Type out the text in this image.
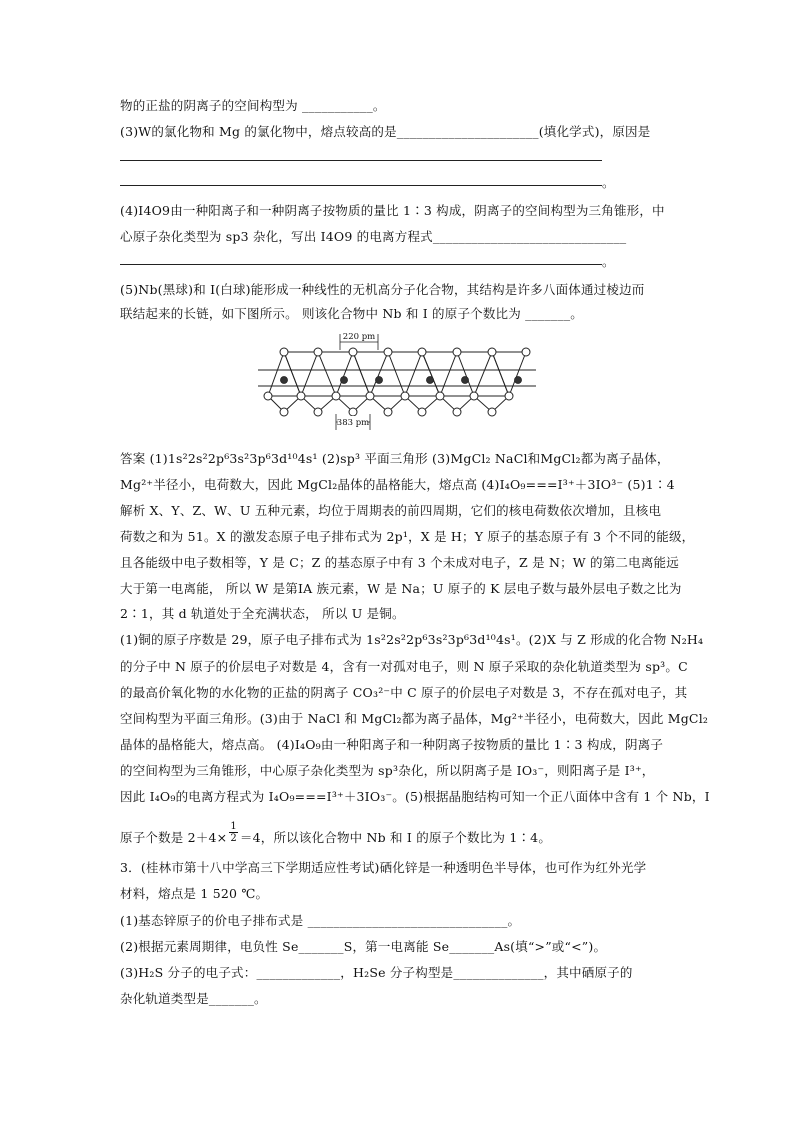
物的正盐的阴离子的空间构型为 ___________。
(3)W的氯化物和 Mg 的氯化物中，熔点较高的是______________________(填化学式)，原因是
。
(4)I4O9由一种阳离子和一种阴离子按物质的量比 1∶3 构成，阴离子的空间构型为三角锥形，中
心原子杂化类型为 sp3 杂化，写出 I4O9 的电离方程式______________________________
。
(5)Nb(黑球)和 I(白球)能形成一种线性的无机高分子化合物，其结构是许多八面体通过棱边而
联结起来的长链，如下图所示。 则该化合物中 Nb 和 I 的原子个数比为 _______。
220 pm
383 pm
答案 (1)1s²2s²2p⁶3s²3p⁶3d¹⁰4s¹ (2)sp³ 平面三角形 (3)MgCl₂ NaCl和MgCl₂都为离子晶体，
Mg²⁺半径小，电荷数大，因此 MgCl₂晶体的晶格能大，熔点高 (4)I₄O₉===I³⁺＋3IO³⁻ (5)1∶4
解析 X、Y、Z、W、U 五种元素，均位于周期表的前四周期，它们的核电荷数依次增加，且核电
荷数之和为 51。X 的激发态原子电子排布式为 2p¹，X 是 H；Y 原子的基态原子有 3 个不同的能级，
且各能级中电子数相等，Y 是 C；Z 的基态原子中有 3 个未成对电子，Z 是 N；W 的第二电离能远
大于第一电离能， 所以 W 是第ⅠA 族元素，W 是 Na；U 原子的 K 层电子数与最外层电子数之比为
2∶1，其 d 轨道处于全充满状态， 所以 U 是铜。
(1)铜的原子序数是 29，原子电子排布式为 1s²2s²2p⁶3s²3p⁶3d¹⁰4s¹。(2)X 与 Z 形成的化合物 N₂H₄
的分子中 N 原子的价层电子对数是 4，含有一对孤对电子，则 N 原子采取的杂化轨道类型为 sp³。C
的最高价氧化物的水化物的正盐的阴离子 CO₃²⁻中 C 原子的价层电子对数是 3，不存在孤对电子，其
空间构型为平面三角形。(3)由于 NaCl 和 MgCl₂都为离子晶体，Mg²⁺半径小，电荷数大，因此 MgCl₂
晶体的晶格能大，熔点高。 (4)I₄O₉由一种阳离子和一种阴离子按物质的量比 1∶3 构成，阴离子
的空间构型为三角锥形，中心原子杂化类型为 sp³杂化，所以阴离子是 IO₃⁻，则阳离子是 I³⁺，
因此 I₄O₉的电离方程式为 I₄O₉===I³⁺＋3IO₃⁻。(5)根据晶胞结构可知一个正八面体中含有 1 个 Nb，I
原子个数是 $2+4\times \frac{1}{2} =4$，所以该化合物中 Nb 和 I 的原子个数比为 1∶4。
3．(桂林市第十八中学高三下学期适应性考试)硒化锌是一种透明色半导体，也可作为红外光学
材料，熔点是 1 520 ℃。
(1)基态锌原子的价电子排布式是 _______________________________。
(2)根据元素周期律，电负性 Se_______S，第一电离能 Se_______As(填“>”或“<”)。
(3)H₂S 分子的电子式：_____________，H₂Se 分子构型是______________，其中硒原子的
杂化轨道类型是_______。
